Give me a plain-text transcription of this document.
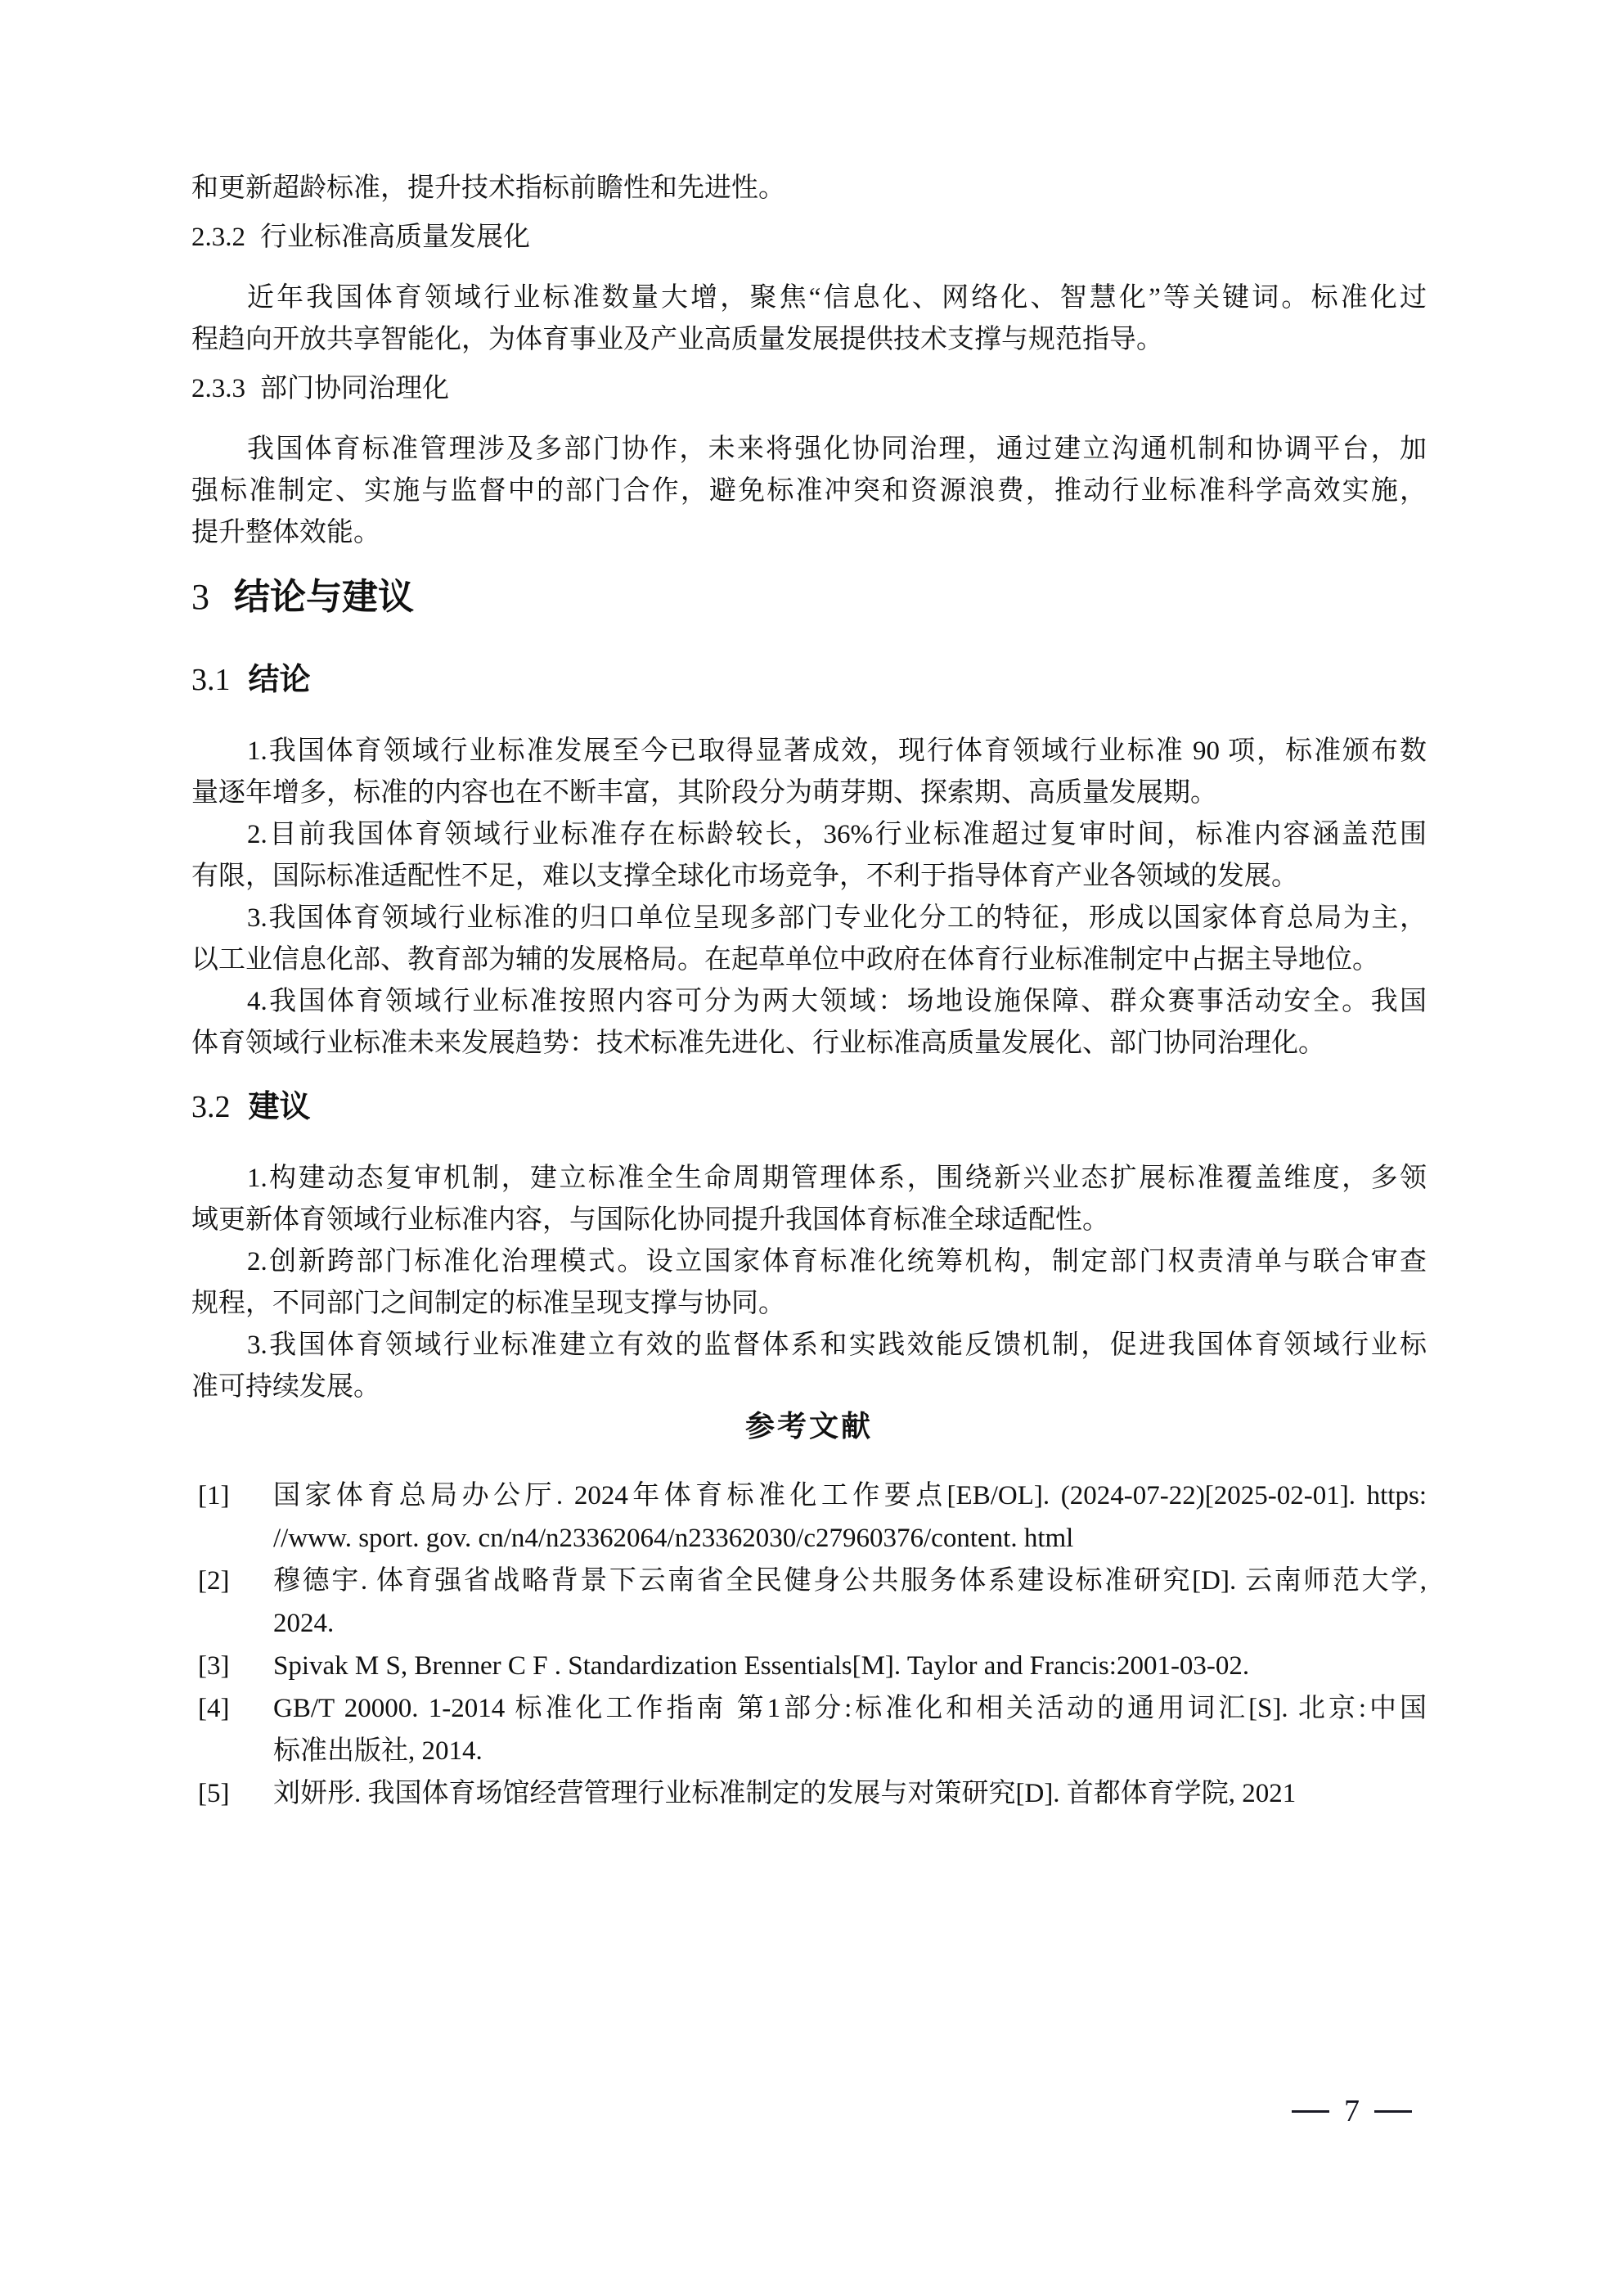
和更新超龄标准，提升技术指标前瞻性和先进性。
2.3.2 行业标准高质量发展化
近年我国体育领域行业标准数量大增，聚焦“信息化、网络化、智慧化”等关键词。标准化过
程趋向开放共享智能化，为体育事业及产业高质量发展提供技术支撑与规范指导。
2.3.3 部门协同治理化
我国体育标准管理涉及多部门协作，未来将强化协同治理，通过建立沟通机制和协调平台，加
强标准制定、实施与监督中的部门合作，避免标准冲突和资源浪费，推动行业标准科学高效实施，
提升整体效能。
3 结论与建议
3.1 结论
1.我国体育领域行业标准发展至今已取得显著成效，现行体育领域行业标准 90 项，标准颁布数
量逐年增多，标准的内容也在不断丰富，其阶段分为萌芽期、探索期、高质量发展期。
2.目前我国体育领域行业标准存在标龄较长，36%行业标准超过复审时间，标准内容涵盖范围
有限，国际标准适配性不足，难以支撑全球化市场竞争，不利于指导体育产业各领域的发展。
3.我国体育领域行业标准的归口单位呈现多部门专业化分工的特征，形成以国家体育总局为主，
以工业信息化部、教育部为辅的发展格局。在起草单位中政府在体育行业标准制定中占据主导地位。
4.我国体育领域行业标准按照内容可分为两大领域：场地设施保障、群众赛事活动安全。我国
体育领域行业标准未来发展趋势：技术标准先进化、行业标准高质量发展化、部门协同治理化。
3.2 建议
1.构建动态复审机制，建立标准全生命周期管理体系，围绕新兴业态扩展标准覆盖维度，多领
域更新体育领域行业标准内容，与国际化协同提升我国体育标准全球适配性。
2.创新跨部门标准化治理模式。设立国家体育标准化统筹机构，制定部门权责清单与联合审查
规程，不同部门之间制定的标准呈现支撑与协同。
3.我国体育领域行业标准建立有效的监督体系和实践效能反馈机制，促进我国体育领域行业标
准可持续发展。
参考文献
[1]	国家体育总局办公厅. 2024年体育标准化工作要点[EB/OL]. (2024-07-22)[2025-02-01]. https:
//www. sport. gov. cn/n4/n23362064/n23362030/c27960376/content. html
[2]	穆德宇. 体育强省战略背景下云南省全民健身公共服务体系建设标准研究[D]. 云南师范大学,
2024.
[3]	Spivak M S, Brenner C F . Standardization Essentials[M]. Taylor and Francis:2001-03-02.
[4]	GB/T 20000. 1-2014 标准化工作指南 第1部分:标准化和相关活动的通用词汇[S]. 北京:中国
标准出版社, 2014.
[5]	刘妍彤. 我国体育场馆经营管理行业标准制定的发展与对策研究[D]. 首都体育学院, 2021
7
